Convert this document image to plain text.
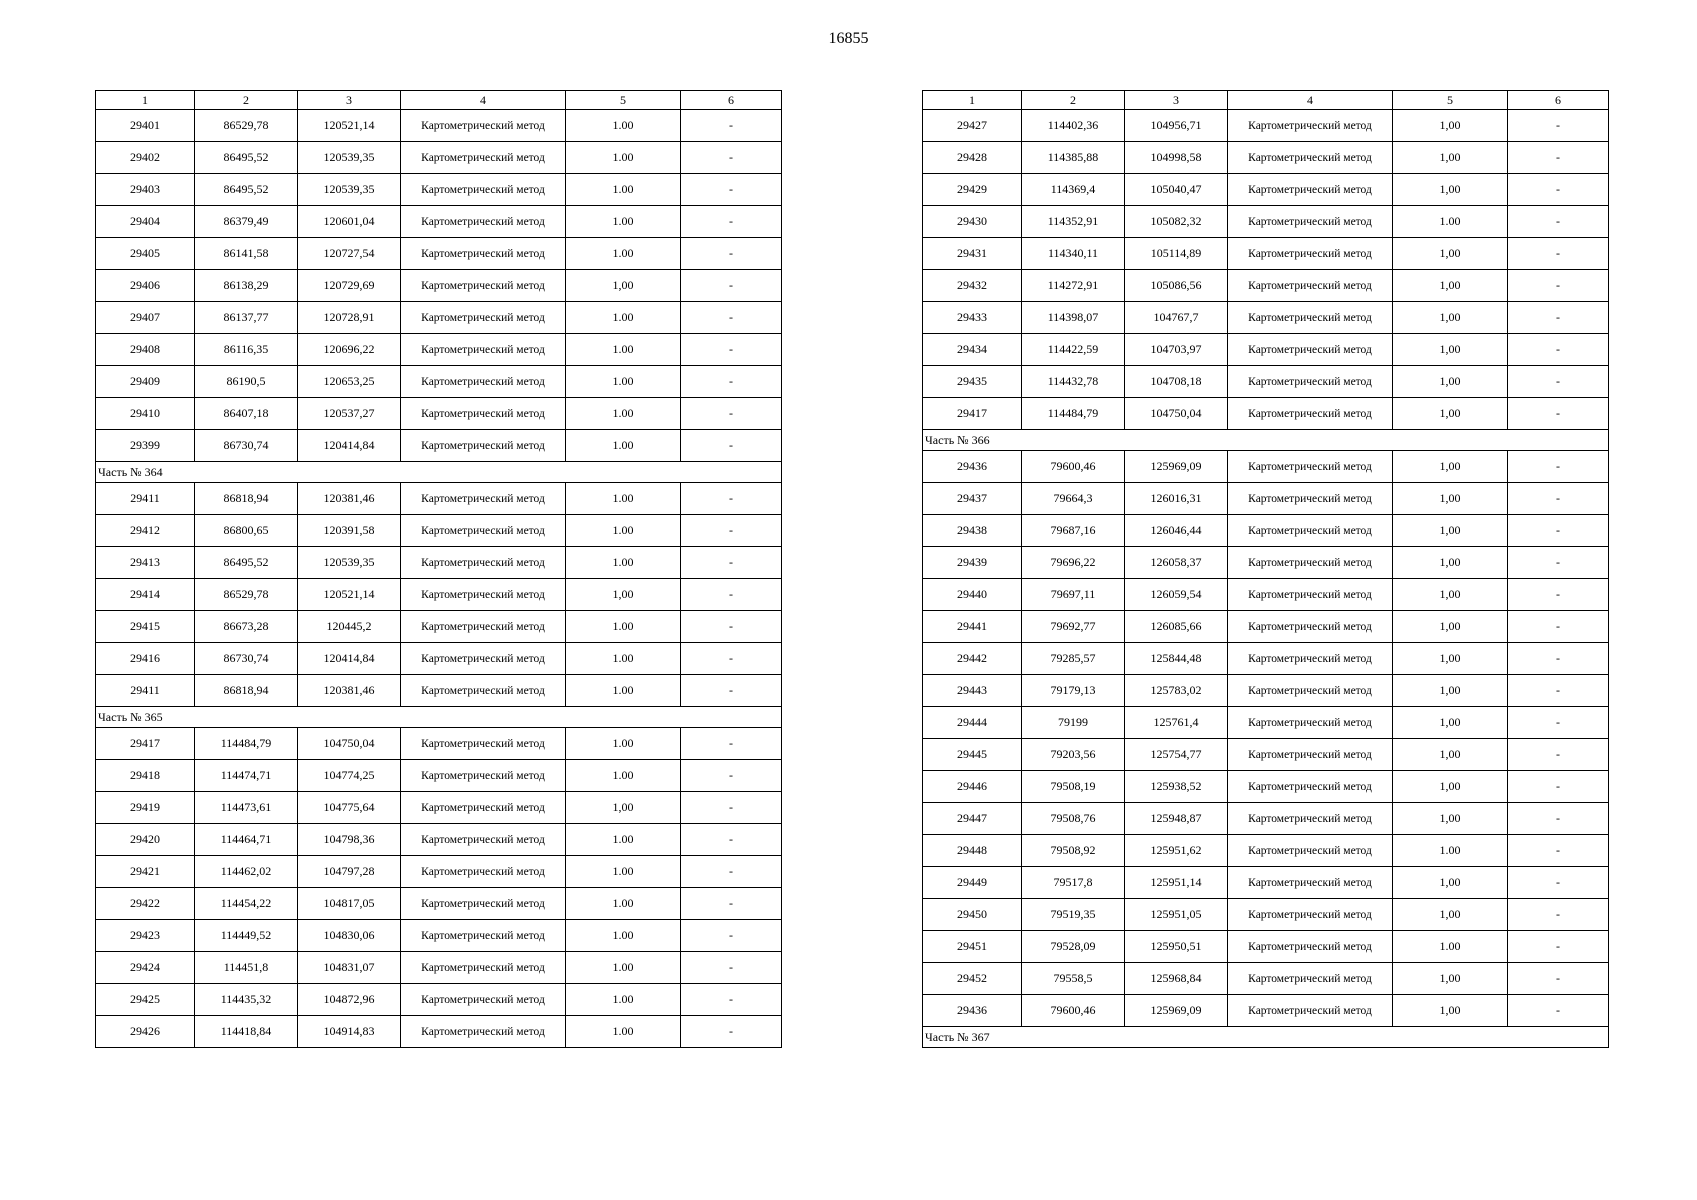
16855
1	2	3	4	5	6
29401	86529,78	120521,14	Картометрический метод	1.00	-
29402	86495,52	120539,35	Картометрический метод	1.00	-
29403	86495,52	120539,35	Картометрический метод	1.00	-
29404	86379,49	120601,04	Картометрический метод	1.00	-
29405	86141,58	120727,54	Картометрический метод	1.00	-
29406	86138,29	120729,69	Картометрический метод	1,00	-
29407	86137,77	120728,91	Картометрический метод	1.00	-
29408	86116,35	120696,22	Картометрический метод	1.00	-
29409	86190,5	120653,25	Картометрический метод	1.00	-
29410	86407,18	120537,27	Картометрический метод	1.00	-
29399	86730,74	120414,84	Картометрический метод	1.00	-
Часть № 364					
29411	86818,94	120381,46	Картометрический метод	1.00	-
29412	86800,65	120391,58	Картометрический метод	1.00	-
29413	86495,52	120539,35	Картометрический метод	1.00	-
29414	86529,78	120521,14	Картометрический метод	1,00	-
29415	86673,28	120445,2	Картометрический метод	1.00	-
29416	86730,74	120414,84	Картометрический метод	1.00	-
29411	86818,94	120381,46	Картометрический метод	1.00	-
Часть № 365					
29417	114484,79	104750,04	Картометрический метод	1.00	-
29418	114474,71	104774,25	Картометрический метод	1.00	-
29419	114473,61	104775,64	Картометрический метод	1,00	-
29420	114464,71	104798,36	Картометрический метод	1.00	-
29421	114462,02	104797,28	Картометрический метод	1.00	-
29422	114454,22	104817,05	Картометрический метод	1.00	-
29423	114449,52	104830,06	Картометрический метод	1.00	-
29424	114451,8	104831,07	Картометрический метод	1.00	-
29425	114435,32	104872,96	Картометрический метод	1.00	-
29426	114418,84	104914,83	Картометрический метод	1.00	-
1	2	3	4	5	6
29427	114402,36	104956,71	Картометрический метод	1,00	-
29428	114385,88	104998,58	Картометрический метод	1,00	-
29429	114369,4	105040,47	Картометрический метод	1,00	-
29430	114352,91	105082,32	Картометрический метод	1.00	-
29431	114340,11	105114,89	Картометрический метод	1,00	-
29432	114272,91	105086,56	Картометрический метод	1,00	-
29433	114398,07	104767,7	Картометрический метод	1,00	-
29434	114422,59	104703,97	Картометрический метод	1,00	-
29435	114432,78	104708,18	Картометрический метод	1,00	-
29417	114484,79	104750,04	Картометрический метод	1,00	-
Часть № 366					
29436	79600,46	125969,09	Картометрический метод	1,00	-
29437	79664,3	126016,31	Картометрический метод	1,00	-
29438	79687,16	126046,44	Картометрический метод	1,00	-
29439	79696,22	126058,37	Картометрический метод	1,00	-
29440	79697,11	126059,54	Картометрический метод	1,00	-
29441	79692,77	126085,66	Картометрический метод	1,00	-
29442	79285,57	125844,48	Картометрический метод	1,00	-
29443	79179,13	125783,02	Картометрический метод	1,00	-
29444	79199	125761,4	Картометрический метод	1,00	-
29445	79203,56	125754,77	Картометрический метод	1,00	-
29446	79508,19	125938,52	Картометрический метод	1,00	-
29447	79508,76	125948,87	Картометрический метод	1,00	-
29448	79508,92	125951,62	Картометрический метод	1.00	-
29449	79517,8	125951,14	Картометрический метод	1,00	-
29450	79519,35	125951,05	Картометрический метод	1,00	-
29451	79528,09	125950,51	Картометрический метод	1.00	-
29452	79558,5	125968,84	Картометрический метод	1,00	-
29436	79600,46	125969,09	Картометрический метод	1,00	-
Часть № 367					
